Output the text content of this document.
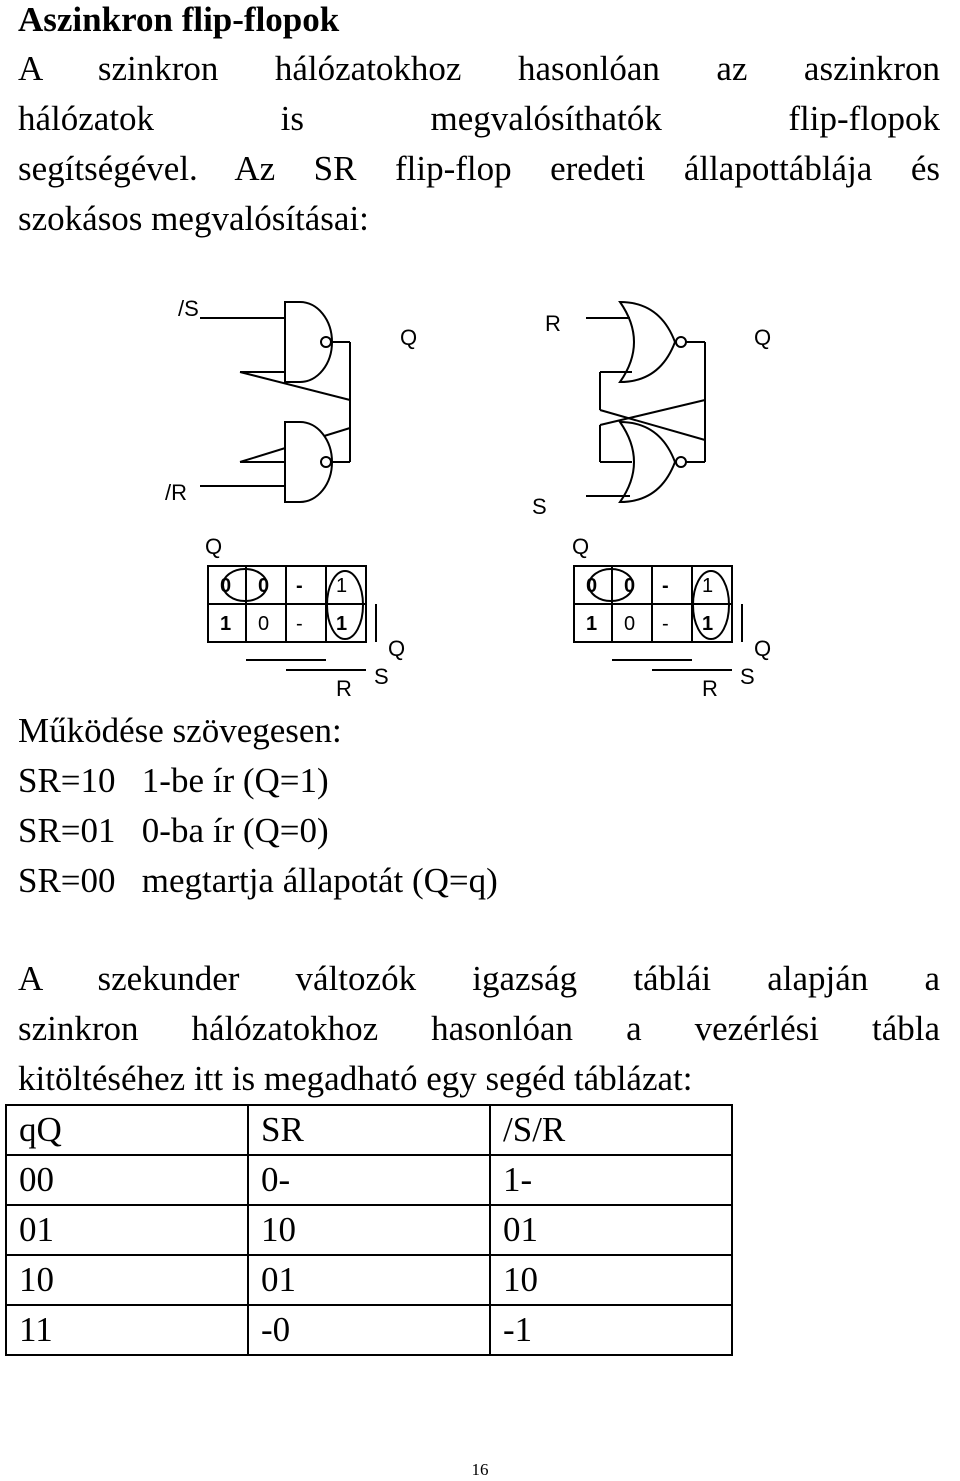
Aszinkron flip-flopok
A szinkron hálózatokhoz hasonlóan az aszinkron
hálózatok is megvalósíthatók flip-flopok
segítségével. Az SR flip-flop eredeti állapottáblája és
szokásos megvalósításai:
/S
/R
Q
R
S
Q
Q
0 0 - 1
1 0 - 1
Q
R S
Q
0 0 - 1
1 0 - 1
Q
R S
Működése szövegesen:
SR=10   1-be ír (Q=1)
SR=01   0-ba ír (Q=0)
SR=00   megtartja állapotát (Q=q)
A szekunder változók igazság táblái alapján a
szinkron hálózatokhoz hasonlóan a vezérlési tábla
kitöltéséhez itt is megadható egy segéd táblázat:
qQ	SR	/S/R
00	0-	1-
01	10	01
10	01	10
11	-0	-1
16
